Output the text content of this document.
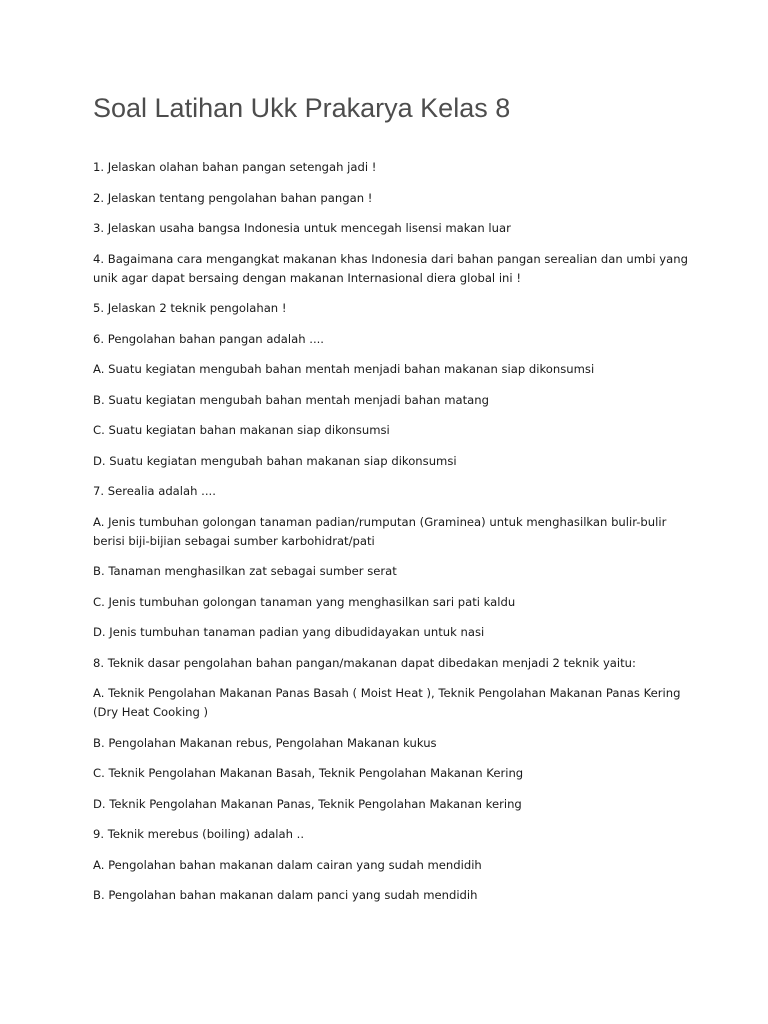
Soal Latihan Ukk Prakarya Kelas 8

1. Jelaskan olahan bahan pangan setengah jadi !

2. Jelaskan tentang pengolahan bahan pangan !

3. Jelaskan usaha bangsa Indonesia untuk mencegah lisensi makan luar

4. Bagaimana cara mengangkat makanan khas Indonesia dari bahan pangan serealian dan umbi yang unik agar dapat bersaing dengan makanan Internasional diera global ini !

5. Jelaskan 2 teknik pengolahan !

6. Pengolahan bahan pangan adalah ....

A. Suatu kegiatan mengubah bahan mentah menjadi bahan makanan siap dikonsumsi

B. Suatu kegiatan mengubah bahan mentah menjadi bahan matang

C. Suatu kegiatan bahan makanan siap dikonsumsi

D. Suatu kegiatan mengubah bahan makanan siap dikonsumsi

7. Serealia adalah ....

A. Jenis tumbuhan golongan tanaman padian/rumputan (Graminea) untuk menghasilkan bulir-bulir berisi biji-bijian sebagai sumber karbohidrat/pati

B. Tanaman menghasilkan zat sebagai sumber serat

C. Jenis tumbuhan golongan tanaman yang menghasilkan sari pati kaldu

D. Jenis tumbuhan tanaman padian yang dibudidayakan untuk nasi

8. Teknik dasar pengolahan bahan pangan/makanan dapat dibedakan menjadi 2 teknik yaitu:

A. Teknik Pengolahan Makanan Panas Basah ( Moist Heat ), Teknik Pengolahan Makanan Panas Kering (Dry Heat Cooking )

B. Pengolahan Makanan rebus, Pengolahan Makanan kukus

C. Teknik Pengolahan Makanan Basah, Teknik Pengolahan Makanan Kering

D. Teknik Pengolahan Makanan Panas, Teknik Pengolahan Makanan kering

9. Teknik merebus (boiling) adalah ..

A. Pengolahan bahan makanan dalam cairan yang sudah mendidih

B. Pengolahan bahan makanan dalam panci yang sudah mendidih
